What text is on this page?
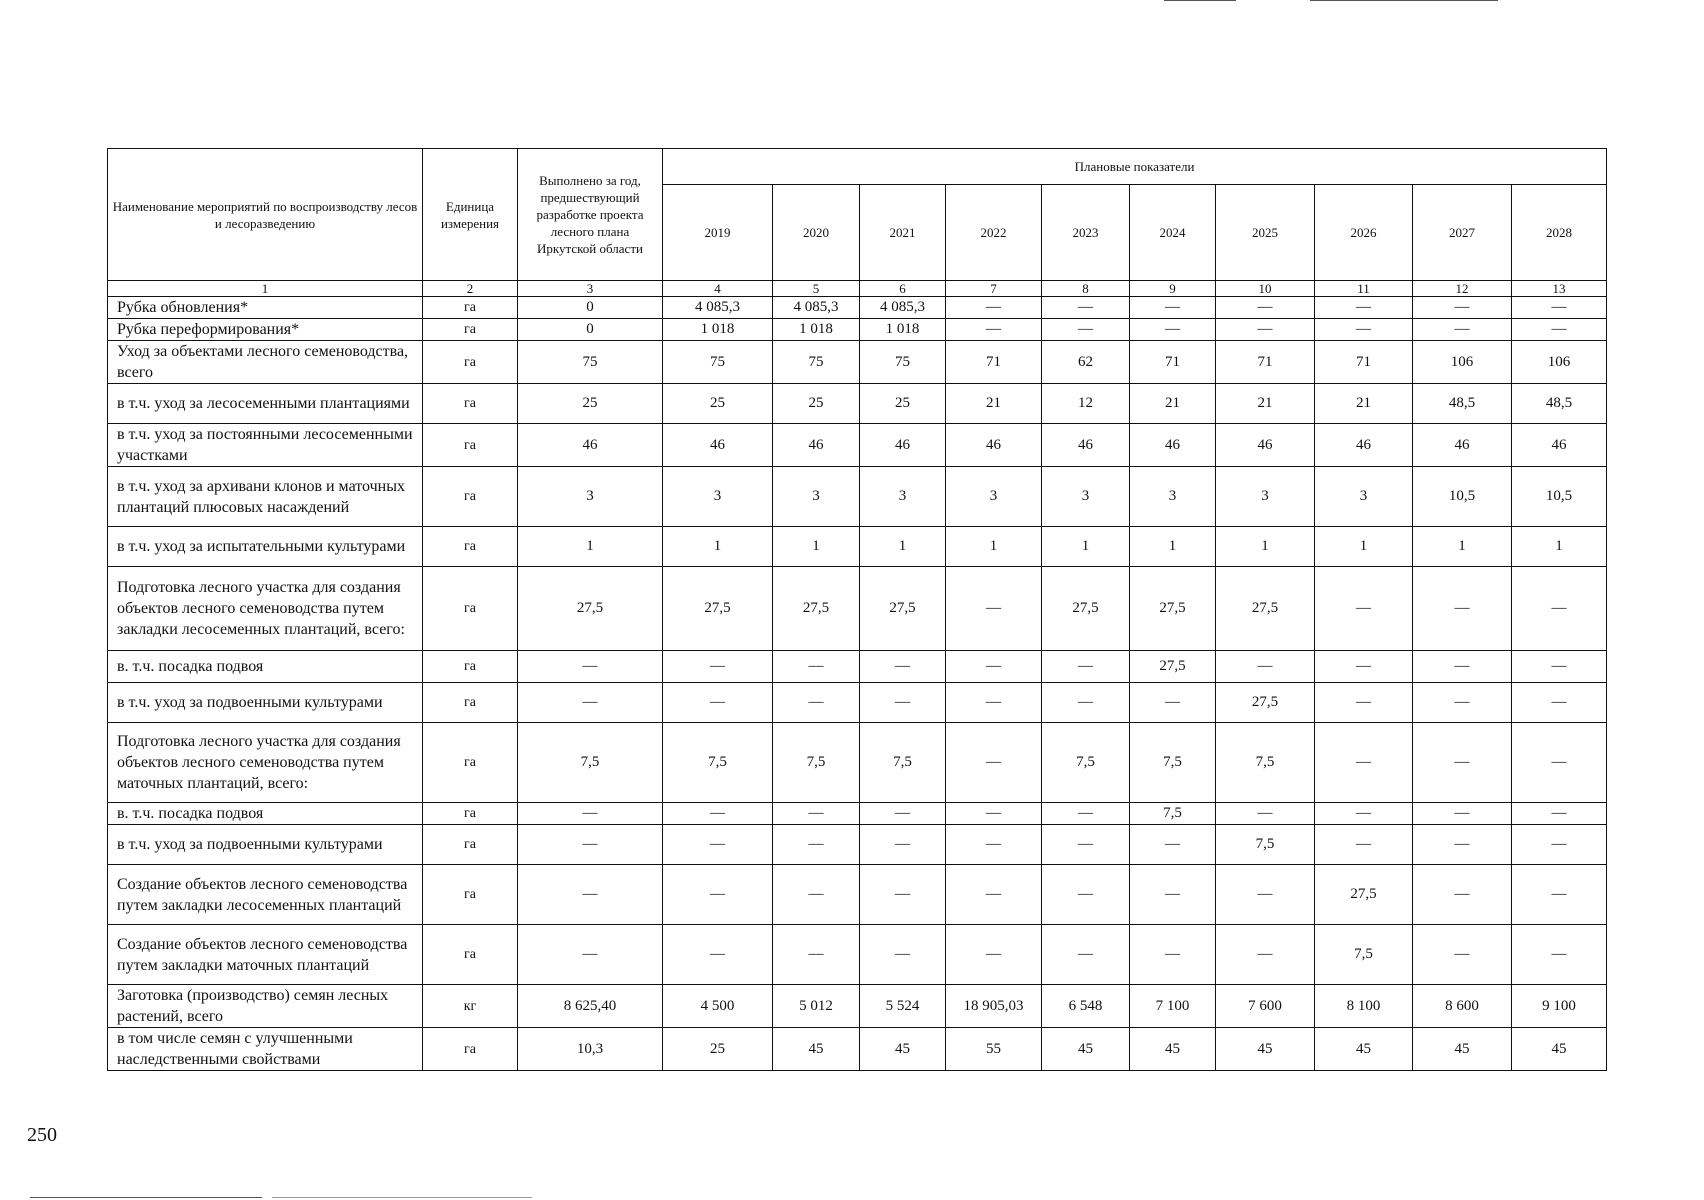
Наименование мероприятий по воспроизводству лесов и лесоразведению	Единица измерения	Выполнено за год, предшествующий разработке проекта лесного плана Иркутской области	Плановые показатели									
			2019	2020	2021	2022	2023	2024	2025	2026	2027	2028
1	2	3	4	5	6	7	8	9	10	11	12	13
Рубка обновления*	га	0	4 085,3	4 085,3	4 085,3	—	—	—	—	—	—	—
Рубка переформирования*	га	0	1 018	1 018	1 018	—	—	—	—	—	—	—
Уход за объектами лесного семеноводства, всего	га	75	75	75	75	71	62	71	71	71	106	106
в т.ч. уход за лесосеменными плантациями	га	25	25	25	25	21	12	21	21	21	48,5	48,5
в т.ч. уход за постоянными лесосеменными участками	га	46	46	46	46	46	46	46	46	46	46	46
в т.ч. уход за архивани клонов и маточных плантаций плюсовых насаждений	га	3	3	3	3	3	3	3	3	3	10,5	10,5
в т.ч. уход за испытательными культурами	га	1	1	1	1	1	1	1	1	1	1	1
Подготовка лесного участка для создания объектов лесного семеноводства путем закладки лесосеменных плантаций, всего:	га	27,5	27,5	27,5	27,5	—	27,5	27,5	27,5	—	—	—
в. т.ч. посадка подвоя	га	—	—	—	—	—	—	27,5	—	—	—	—
в т.ч. уход за подвоенными культурами	га	—	—	—	—	—	—	—	27,5	—	—	—
Подготовка лесного участка для создания объектов лесного семеноводства путем маточных плантаций, всего:	га	7,5	7,5	7,5	7,5	—	7,5	7,5	7,5	—	—	—
в. т.ч. посадка подвоя	га	—	—	—	—	—	—	7,5	—	—	—	—
в т.ч. уход за подвоенными культурами	га	—	—	—	—	—	—	—	7,5	—	—	—
Создание объектов лесного семеноводства путем закладки лесосеменных плантаций	га	—	—	—	—	—	—	—	—	27,5	—	—
Создание объектов лесного семеноводства путем закладки маточных плантаций	га	—	—	—	—	—	—	—	—	7,5	—	—
Заготовка (производство) семян лесных растений, всего	кг	8 625,40	4 500	5 012	5 524	18 905,03	6 548	7 100	7 600	8 100	8 600	9 100
в том числе семян с улучшенными наследственными свойствами	га	10,3	25	45	45	55	45	45	45	45	45	45
250
